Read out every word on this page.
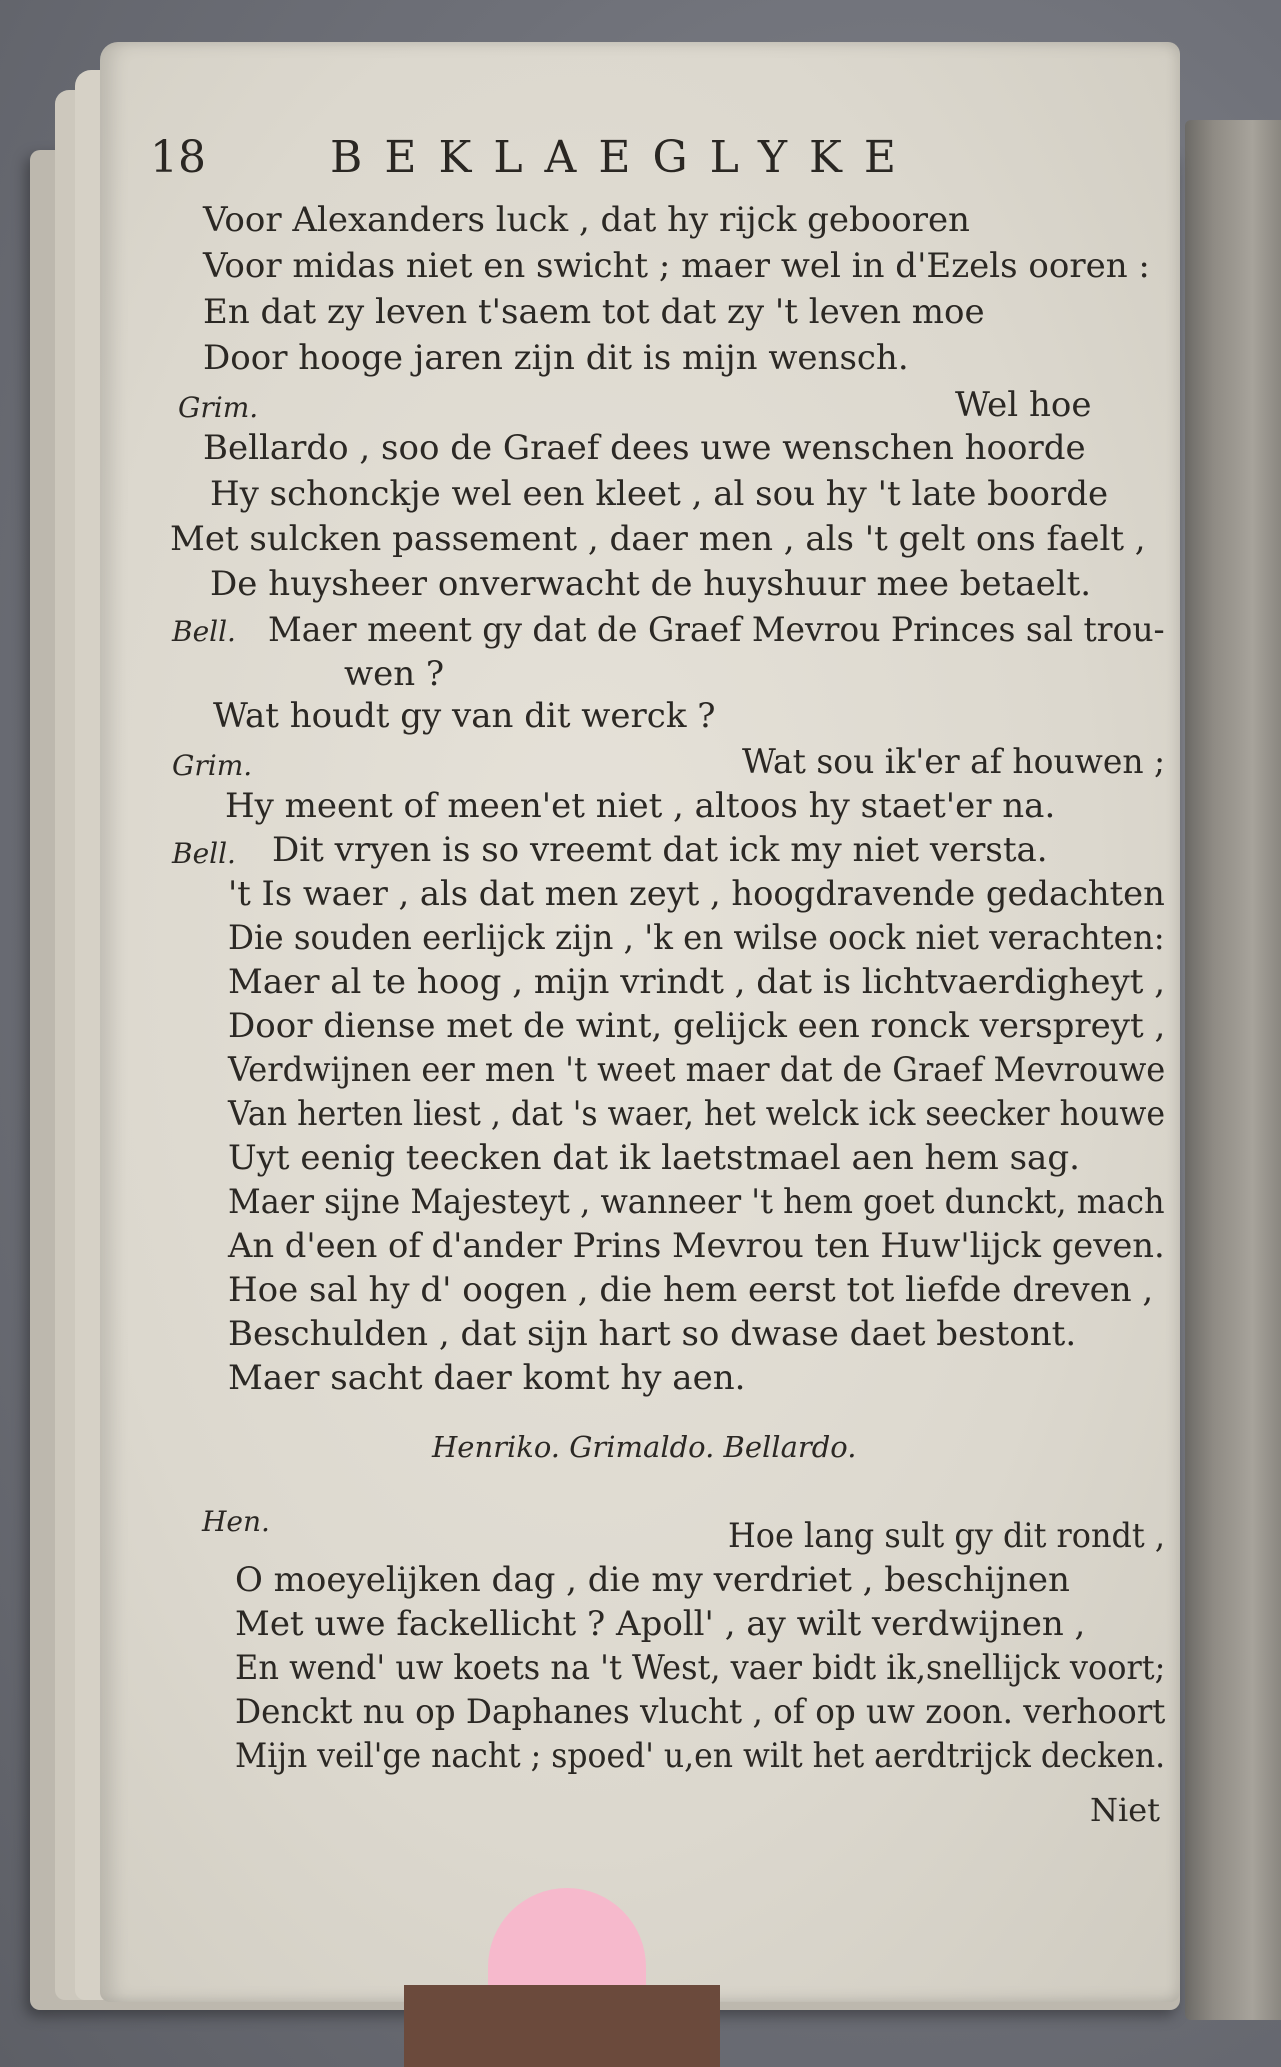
18	BEKLAEGLYKE
Voor Alexanders luck , dat hy rijck gebooren
Voor midas niet en swicht ; maer wel in d'Ezels ooren :
En dat zy leven t'saem tot dat zy 't leven moe
Door hooge jaren zijn dit is mijn wensch.
Grim.	Wel hoe
Bellardo , soo de Graef dees uwe wenschen hoorde
Hy schonckje wel een kleet , al sou hy 't late boorde
Met sulcken passement , daer men , als 't gelt ons faelt ,
De huysheer onverwacht de huyshuur mee betaelt.
Bell. Maer meent gy dat de Graef Mevrou Princes sal trou-
wen ?
Wat houdt gy van dit werck ?
Grim.	Wat sou ik'er af houwen ;
Hy meent of meen'et niet , altoos hy staet'er na.
Bell. Dit vryen is so vreemt dat ick my niet versta.
't Is waer , als dat men zeyt , hoogdravende gedachten
Die souden eerlijck zijn , 'k en wilse oock niet verachten:
Maer al te hoog , mijn vrindt , dat is lichtvaerdigheyt ,
Door diense met de wint, gelijck een ronck verspreyt ,
Verdwijnen eer men 't weet maer dat de Graef Mevrouwe
Van herten liest , dat 's waer, het welck ick seecker houwe
Uyt eenig teecken dat ik laetstmael aen hem sag.
Maer sijne Majesteyt , wanneer 't hem goet dunckt, mach
An d'een of d'ander Prins Mevrou ten Huw'lijck geven.
Hoe sal hy d' oogen , die hem eerst tot liefde dreven ,
Beschulden , dat sijn hart so dwase daet bestont.
Maer sacht daer komt hy aen.
Henriko. Grimaldo. Bellardo.
Hen.	Hoe lang sult gy dit rondt ,
O moeyelijken dag , die my verdriet , beschijnen
Met uwe fackellicht ? Apoll' , ay wilt verdwijnen ,
En wend' uw koets na 't West, vaer bidt ik,snellijck voort;
Denckt nu op Daphanes vlucht , of op uw zoon. verhoort
Mijn veil'ge nacht ; spoed' u,en wilt het aerdtrijck decken.
Niet
